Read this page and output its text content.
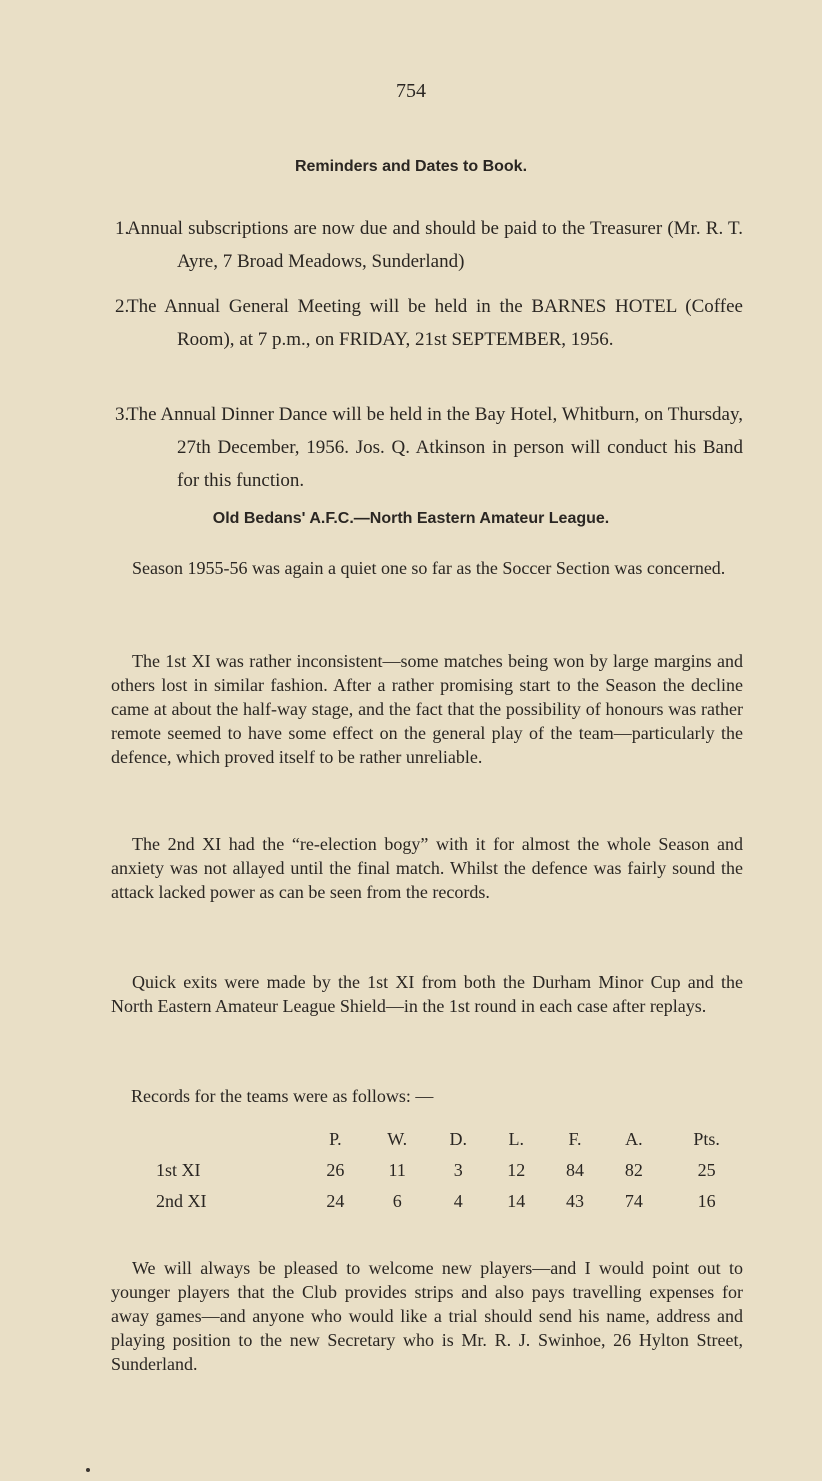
754
Reminders and Dates to Book.
1.
Annual subscriptions are now due and should be paid to the Treasurer (Mr. R. T. Ayre, 7 Broad Meadows, Sunderland)
2.
The Annual General Meeting will be held in the BARNES HOTEL (Coffee Room), at 7 p.m., on FRIDAY, 21st SEPTEMBER, 1956.
3.
The Annual Dinner Dance will be held in the Bay Hotel, Whitburn, on Thursday, 27th December, 1956. Jos. Q. Atkinson in person will conduct his Band for this function.
Old Bedans' A.F.C.—North Eastern Amateur League.
Season 1955-56 was again a quiet one so far as the Soccer Section was concerned.
The 1st XI was rather inconsistent—some matches being won by large margins and others lost in similar fashion. After a rather promising start to the Season the decline came at about the half-way stage, and the fact that the possibility of honours was rather remote seemed to have some effect on the general play of the team—particularly the defence, which proved itself to be rather unreliable.
The 2nd XI had the “re-election bogy” with it for almost the whole Season and anxiety was not allayed until the final match. Whilst the defence was fairly sound the attack lacked power as can be seen from the records.
Quick exits were made by the 1st XI from both the Durham Minor Cup and the North Eastern Amateur League Shield—in the 1st round in each case after replays.
Records for the teams were as follows: —
	P.	W.	D.	L.	F.	A.	Pts.
1st XI	26	11	3	12	84	82	25
2nd XI	24	6	4	14	43	74	16
We will always be pleased to welcome new players—and I would point out to younger players that the Club provides strips and also pays travelling expenses for away games—and anyone who would like a trial should send his name, address and playing position to the new Secretary who is Mr. R. J. Swinhoe, 26 Hylton Street, Sunderland.
